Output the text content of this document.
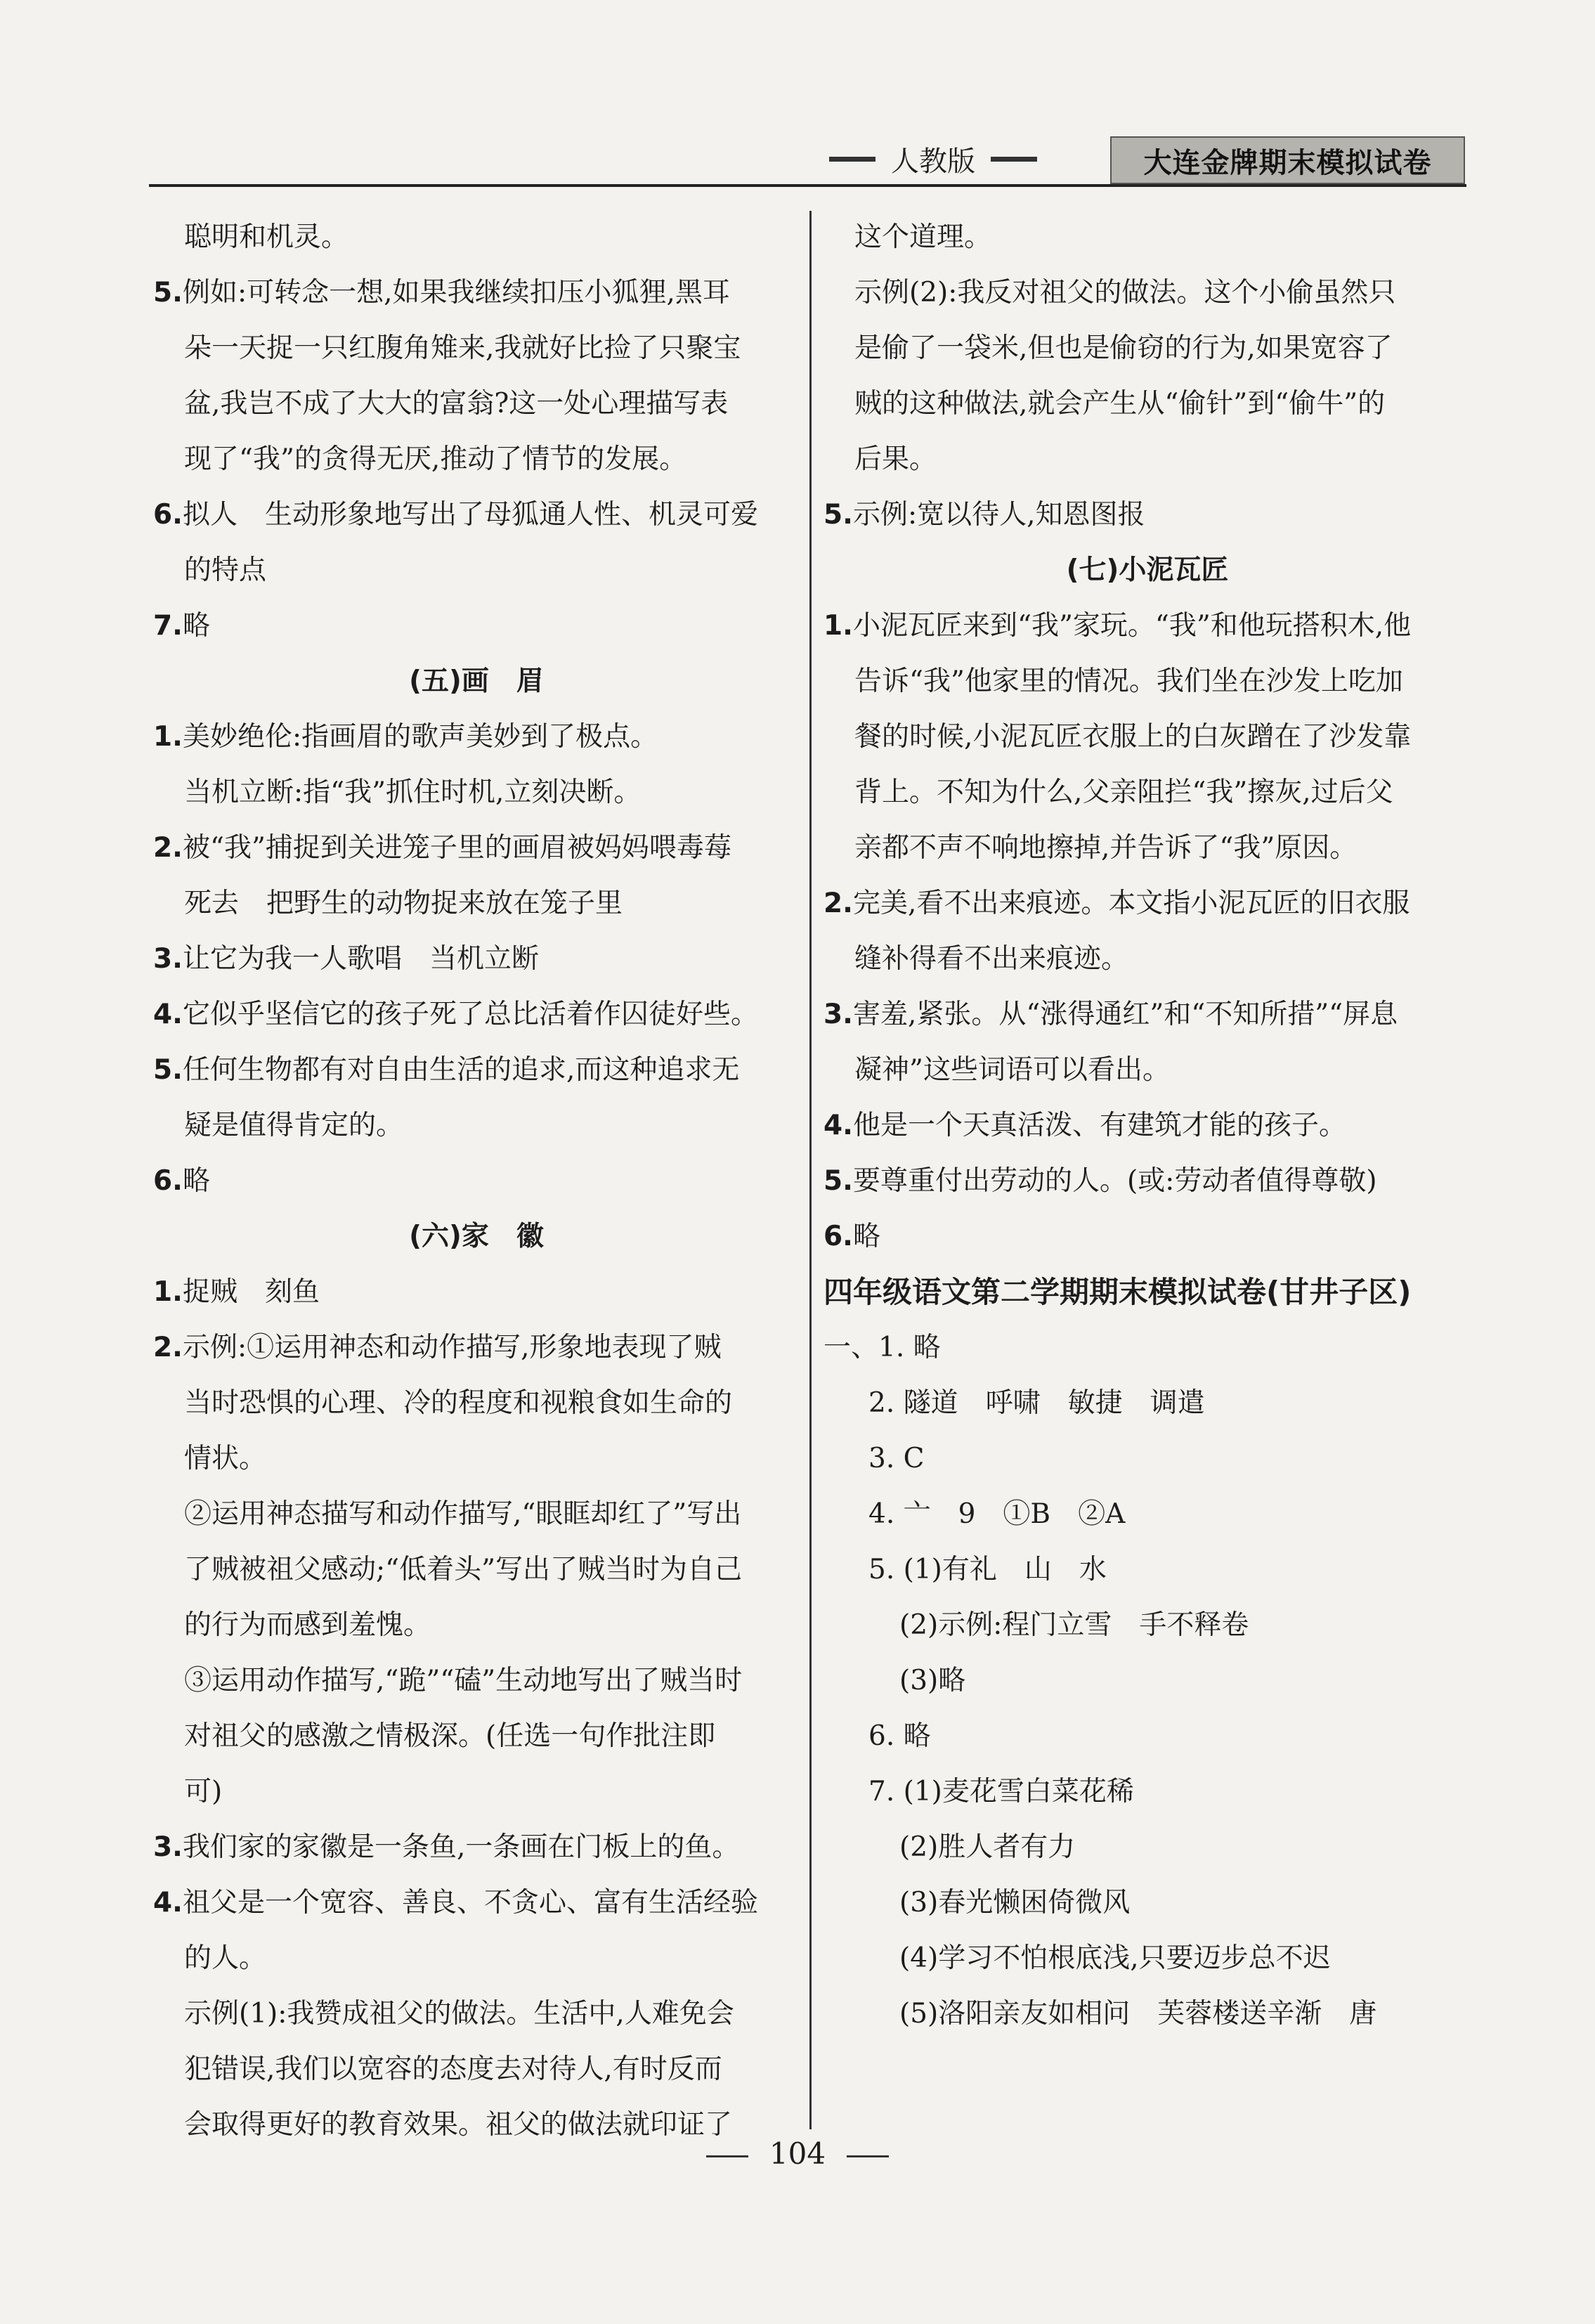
人教版	大连金牌期末模拟试卷
聪明和机灵。
5.例如:可转念一想,如果我继续扣压小狐狸,黑耳
朵一天捉一只红腹角雉来,我就好比捡了只聚宝
盆,我岂不成了大大的富翁?这一处心理描写表
现了“我”的贪得无厌,推动了情节的发展。
6.拟人　生动形象地写出了母狐通人性、机灵可爱
的特点
7.略
(五)画　眉
1.美妙绝伦:指画眉的歌声美妙到了极点。
当机立断:指“我”抓住时机,立刻决断。
2.被“我”捕捉到关进笼子里的画眉被妈妈喂毒莓
死去　把野生的动物捉来放在笼子里
3.让它为我一人歌唱　当机立断
4.它似乎坚信它的孩子死了总比活着作囚徒好些。
5.任何生物都有对自由生活的追求,而这种追求无
疑是值得肯定的。
6.略
(六)家　徽
1.捉贼　刻鱼
2.示例:①运用神态和动作描写,形象地表现了贼
当时恐惧的心理、冷的程度和视粮食如生命的
情状。
②运用神态描写和动作描写,“眼眶却红了”写出
了贼被祖父感动;“低着头”写出了贼当时为自己
的行为而感到羞愧。
③运用动作描写,“跪”“磕”生动地写出了贼当时
对祖父的感激之情极深。(任选一句作批注即
可)
3.我们家的家徽是一条鱼,一条画在门板上的鱼。
4.祖父是一个宽容、善良、不贪心、富有生活经验
的人。
示例(1):我赞成祖父的做法。生活中,人难免会
犯错误,我们以宽容的态度去对待人,有时反而
会取得更好的教育效果。祖父的做法就印证了
这个道理。
示例(2):我反对祖父的做法。这个小偷虽然只
是偷了一袋米,但也是偷窃的行为,如果宽容了
贼的这种做法,就会产生从“偷针”到“偷牛”的
后果。
5.示例:宽以待人,知恩图报
(七)小泥瓦匠
1.小泥瓦匠来到“我”家玩。“我”和他玩搭积木,他
告诉“我”他家里的情况。我们坐在沙发上吃加
餐的时候,小泥瓦匠衣服上的白灰蹭在了沙发靠
背上。不知为什么,父亲阻拦“我”擦灰,过后父
亲都不声不响地擦掉,并告诉了“我”原因。
2.完美,看不出来痕迹。本文指小泥瓦匠的旧衣服
缝补得看不出来痕迹。
3.害羞,紧张。从“涨得通红”和“不知所措”“屏息
凝神”这些词语可以看出。
4.他是一个天真活泼、有建筑才能的孩子。
5.要尊重付出劳动的人。(或:劳动者值得尊敬)
6.略
四年级语文第二学期期末模拟试卷(甘井子区)
一、1. 略
2. 隧道　呼啸　敏捷　调遣
3. C
4. 亠　9　①B　②A
5. (1)有礼　山　水
(2)示例:程门立雪　手不释卷
(3)略
6. 略
7. (1)麦花雪白菜花稀
(2)胜人者有力
(3)春光懒困倚微风
(4)学习不怕根底浅,只要迈步总不迟
(5)洛阳亲友如相问　芙蓉楼送辛渐　唐
104
